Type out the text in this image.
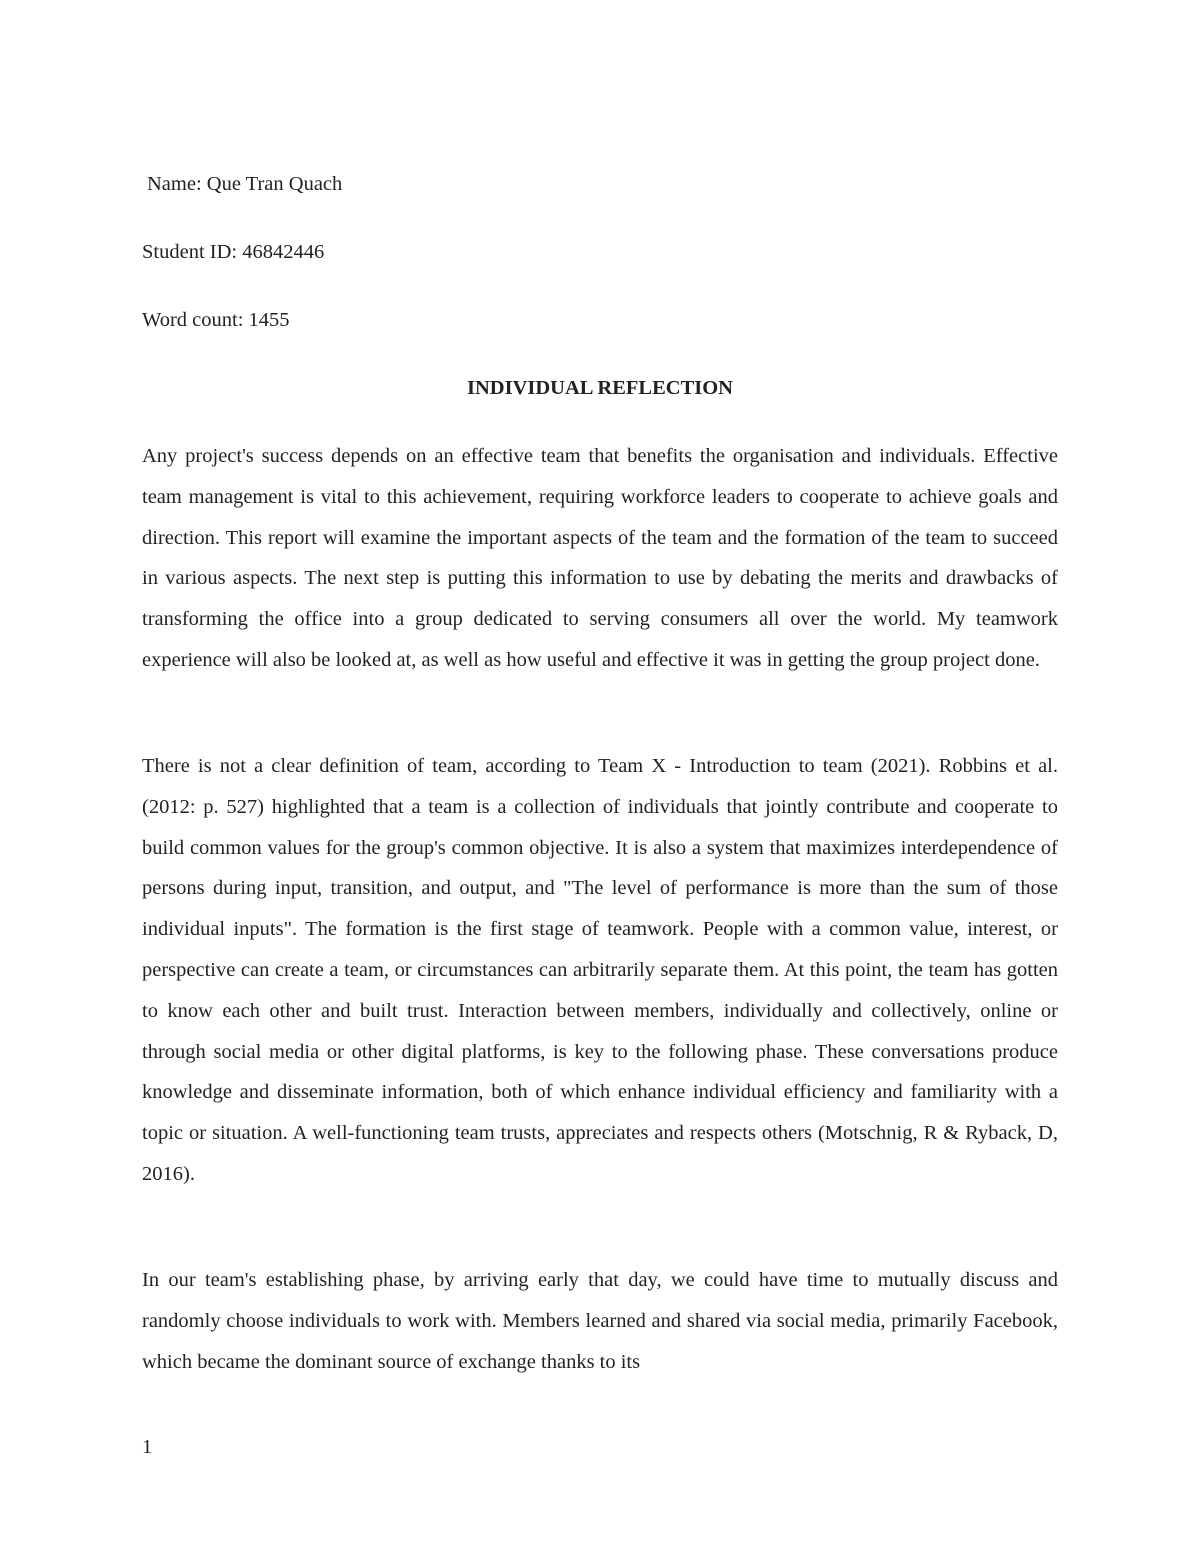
Name: Que Tran Quach
Student ID: 46842446
Word count: 1455
INDIVIDUAL REFLECTION

Any project's success depends on an effective team that benefits the organisation and individuals. Effective team management is vital to this achievement, requiring workforce leaders to cooperate to achieve goals and direction. This report will examine the important aspects of the team and the formation of the team to succeed in various aspects. The next step is putting this information to use by debating the merits and drawbacks of transforming the office into a group dedicated to serving consumers all over the world. My teamwork experience will also be looked at, as well as how useful and effective it was in getting the group project done.

There is not a clear definition of team, according to Team X - Introduction to team (2021). Robbins et al. (2012: p. 527) highlighted that a team is a collection of individuals that jointly contribute and cooperate to build common values for the group's common objective. It is also a system that maximizes interdependence of persons during input, transition, and output, and "The level of performance is more than the sum of those individual inputs". The formation is the first stage of teamwork. People with a common value, interest, or perspective can create a team, or circumstances can arbitrarily separate them. At this point, the team has gotten to know each other and built trust. Interaction between members, individually and collectively, online or through social media or other digital platforms, is key to the following phase. These conversations produce knowledge and disseminate information, both of which enhance individual efficiency and familiarity with a topic or situation. A well-functioning team trusts, appreciates and respects others (Motschnig, R & Ryback, D, 2016).

In our team's establishing phase, by arriving early that day, we could have time to mutually discuss and randomly choose individuals to work with. Members learned and shared via social media, primarily Facebook, which became the dominant source of exchange thanks to its

1
